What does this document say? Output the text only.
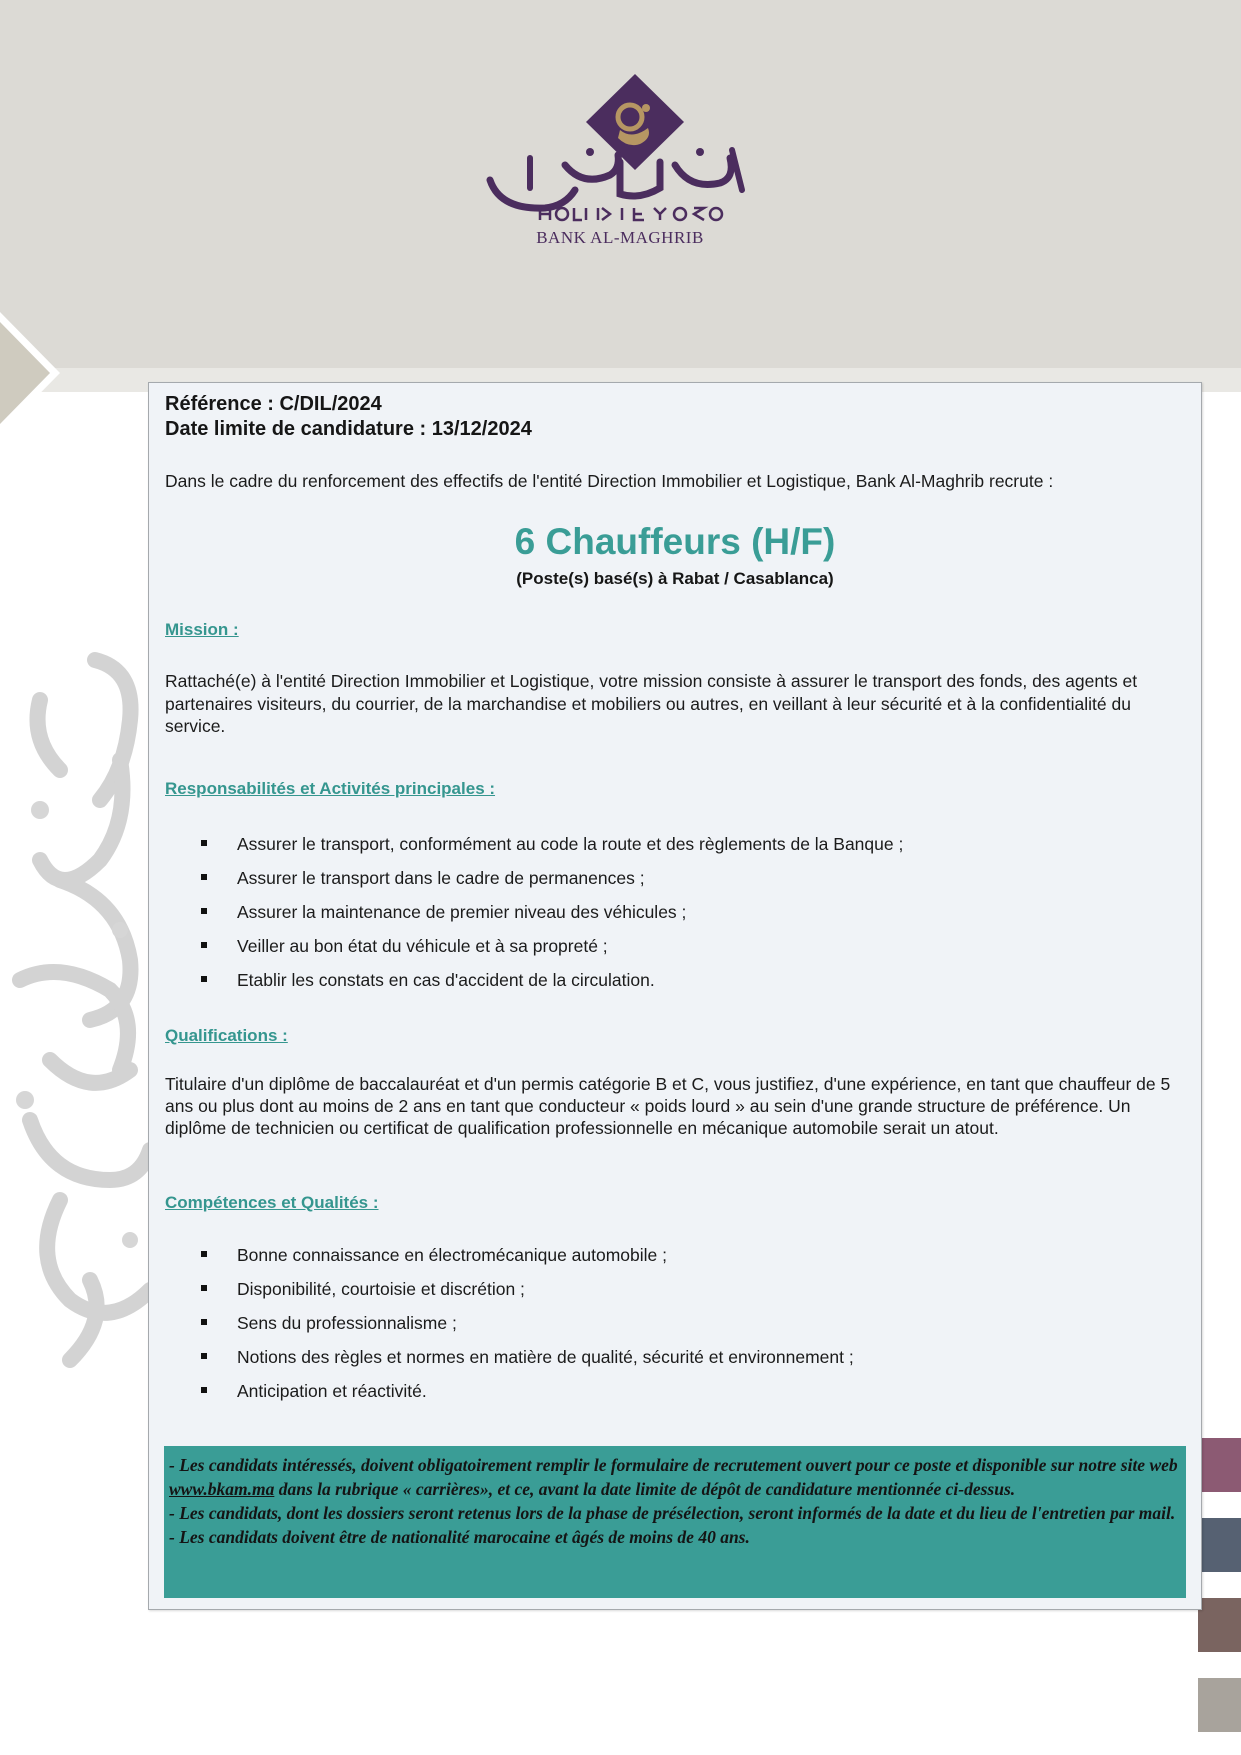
BANK AL-MAGHRIB
Référence : C/DIL/2024
Date limite de candidature : 13/12/2024
Dans le cadre du renforcement des effectifs de l'entité Direction Immobilier et Logistique, Bank Al-Maghrib recrute :
6 Chauffeurs (H/F)
(Poste(s) basé(s) à Rabat / Casablanca)
Mission :
Rattaché(e) à l'entité Direction Immobilier et Logistique, votre mission consiste à assurer le transport des fonds, des agents et partenaires visiteurs, du courrier, de la marchandise et mobiliers ou autres, en veillant à leur sécurité et à la confidentialité du service.
Responsabilités et Activités principales :
Assurer le transport, conformément au code la route et des règlements de la Banque ;
Assurer le transport dans le cadre de permanences ;
Assurer la maintenance de premier niveau des véhicules ;
Veiller au bon état du véhicule et à sa propreté ;
Etablir les constats en cas d'accident de la circulation.
Qualifications :
Titulaire d'un diplôme de baccalauréat et d'un permis catégorie B et C, vous justifiez, d'une expérience, en tant que chauffeur de 5 ans ou plus dont au moins de 2 ans en tant que conducteur « poids lourd » au sein d'une grande structure de préférence. Un diplôme de technicien ou certificat de qualification professionnelle en mécanique automobile serait un atout.
Compétences et Qualités :
Bonne connaissance en électromécanique automobile ;
Disponibilité, courtoisie et discrétion ;
Sens du professionnalisme ;
Notions des règles et normes en matière de qualité, sécurité et environnement ;
Anticipation et réactivité.

- Les candidats intéressés, doivent obligatoirement remplir le formulaire de recrutement ouvert pour ce poste et disponible sur notre site web www.bkam.ma dans la rubrique « carrières», et ce, avant la date limite de dépôt de candidature mentionnée ci-dessus.

- Les candidats, dont les dossiers seront retenus lors de la phase de présélection, seront informés de la date et du lieu de l'entretien par mail.

- Les candidats doivent être de nationalité marocaine et âgés de moins de 40 ans.
